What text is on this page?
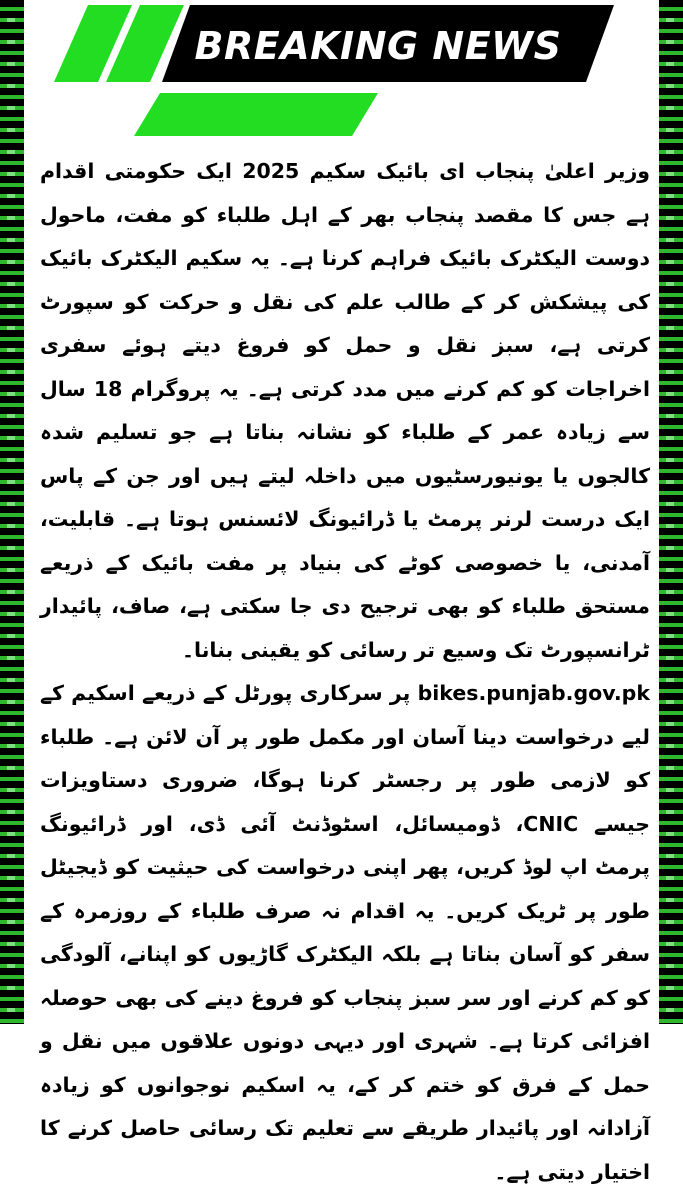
BREAKING NEWS

وزیر اعلیٰ پنجاب ای بائیک سکیم 2025 ایک حکومتی اقدام ہے جس کا مقصد پنجاب بھر کے اہل طلباء کو مفت، ماحول دوست الیکٹرک بائیک فراہم کرنا ہے۔ یہ سکیم الیکٹرک بائیک کی پیشکش کر کے طالب علم کی نقل و حرکت کو سپورٹ کرتی ہے، سبز نقل و حمل کو فروغ دیتے ہوئے سفری اخراجات کو کم کرنے میں مدد کرتی ہے۔ یہ پروگرام 18 سال سے زیادہ عمر کے طلباء کو نشانہ بناتا ہے جو تسلیم شدہ کالجوں یا یونیورسٹیوں میں داخلہ لیتے ہیں اور جن کے پاس ایک درست لرنر پرمٹ یا ڈرائیونگ لائسنس ہوتا ہے۔ قابلیت، آمدنی، یا خصوصی کوٹے کی بنیاد پر مفت بائیک کے ذریعے مستحق طلباء کو بھی ترجیح دی جا سکتی ہے، صاف، پائیدار ٹرانسپورٹ تک وسیع تر رسائی کو یقینی بنانا۔

bikes.punjab.gov.pk پر سرکاری پورٹل کے ذریعے اسکیم کے لیے درخواست دینا آسان اور مکمل طور پر آن لائن ہے۔ طلباء کو لازمی طور پر رجسٹر کرنا ہوگا، ضروری دستاویزات جیسے CNIC، ڈومیسائل، اسٹوڈنٹ آئی ڈی، اور ڈرائیونگ پرمٹ اپ لوڈ کریں، پھر اپنی درخواست کی حیثیت کو ڈیجیٹل طور پر ٹریک کریں۔ یہ اقدام نہ صرف طلباء کے روزمرہ کے سفر کو آسان بناتا ہے بلکہ الیکٹرک گاڑیوں کو اپنانے، آلودگی کو کم کرنے اور سر سبز پنجاب کو فروغ دینے کی بھی حوصلہ افزائی کرتا ہے۔ شہری اور دیہی دونوں علاقوں میں نقل و حمل کے فرق کو ختم کر کے، یہ اسکیم نوجوانوں کو زیادہ آزادانہ اور پائیدار طریقے سے تعلیم تک رسائی حاصل کرنے کا اختیار دیتی ہے۔
